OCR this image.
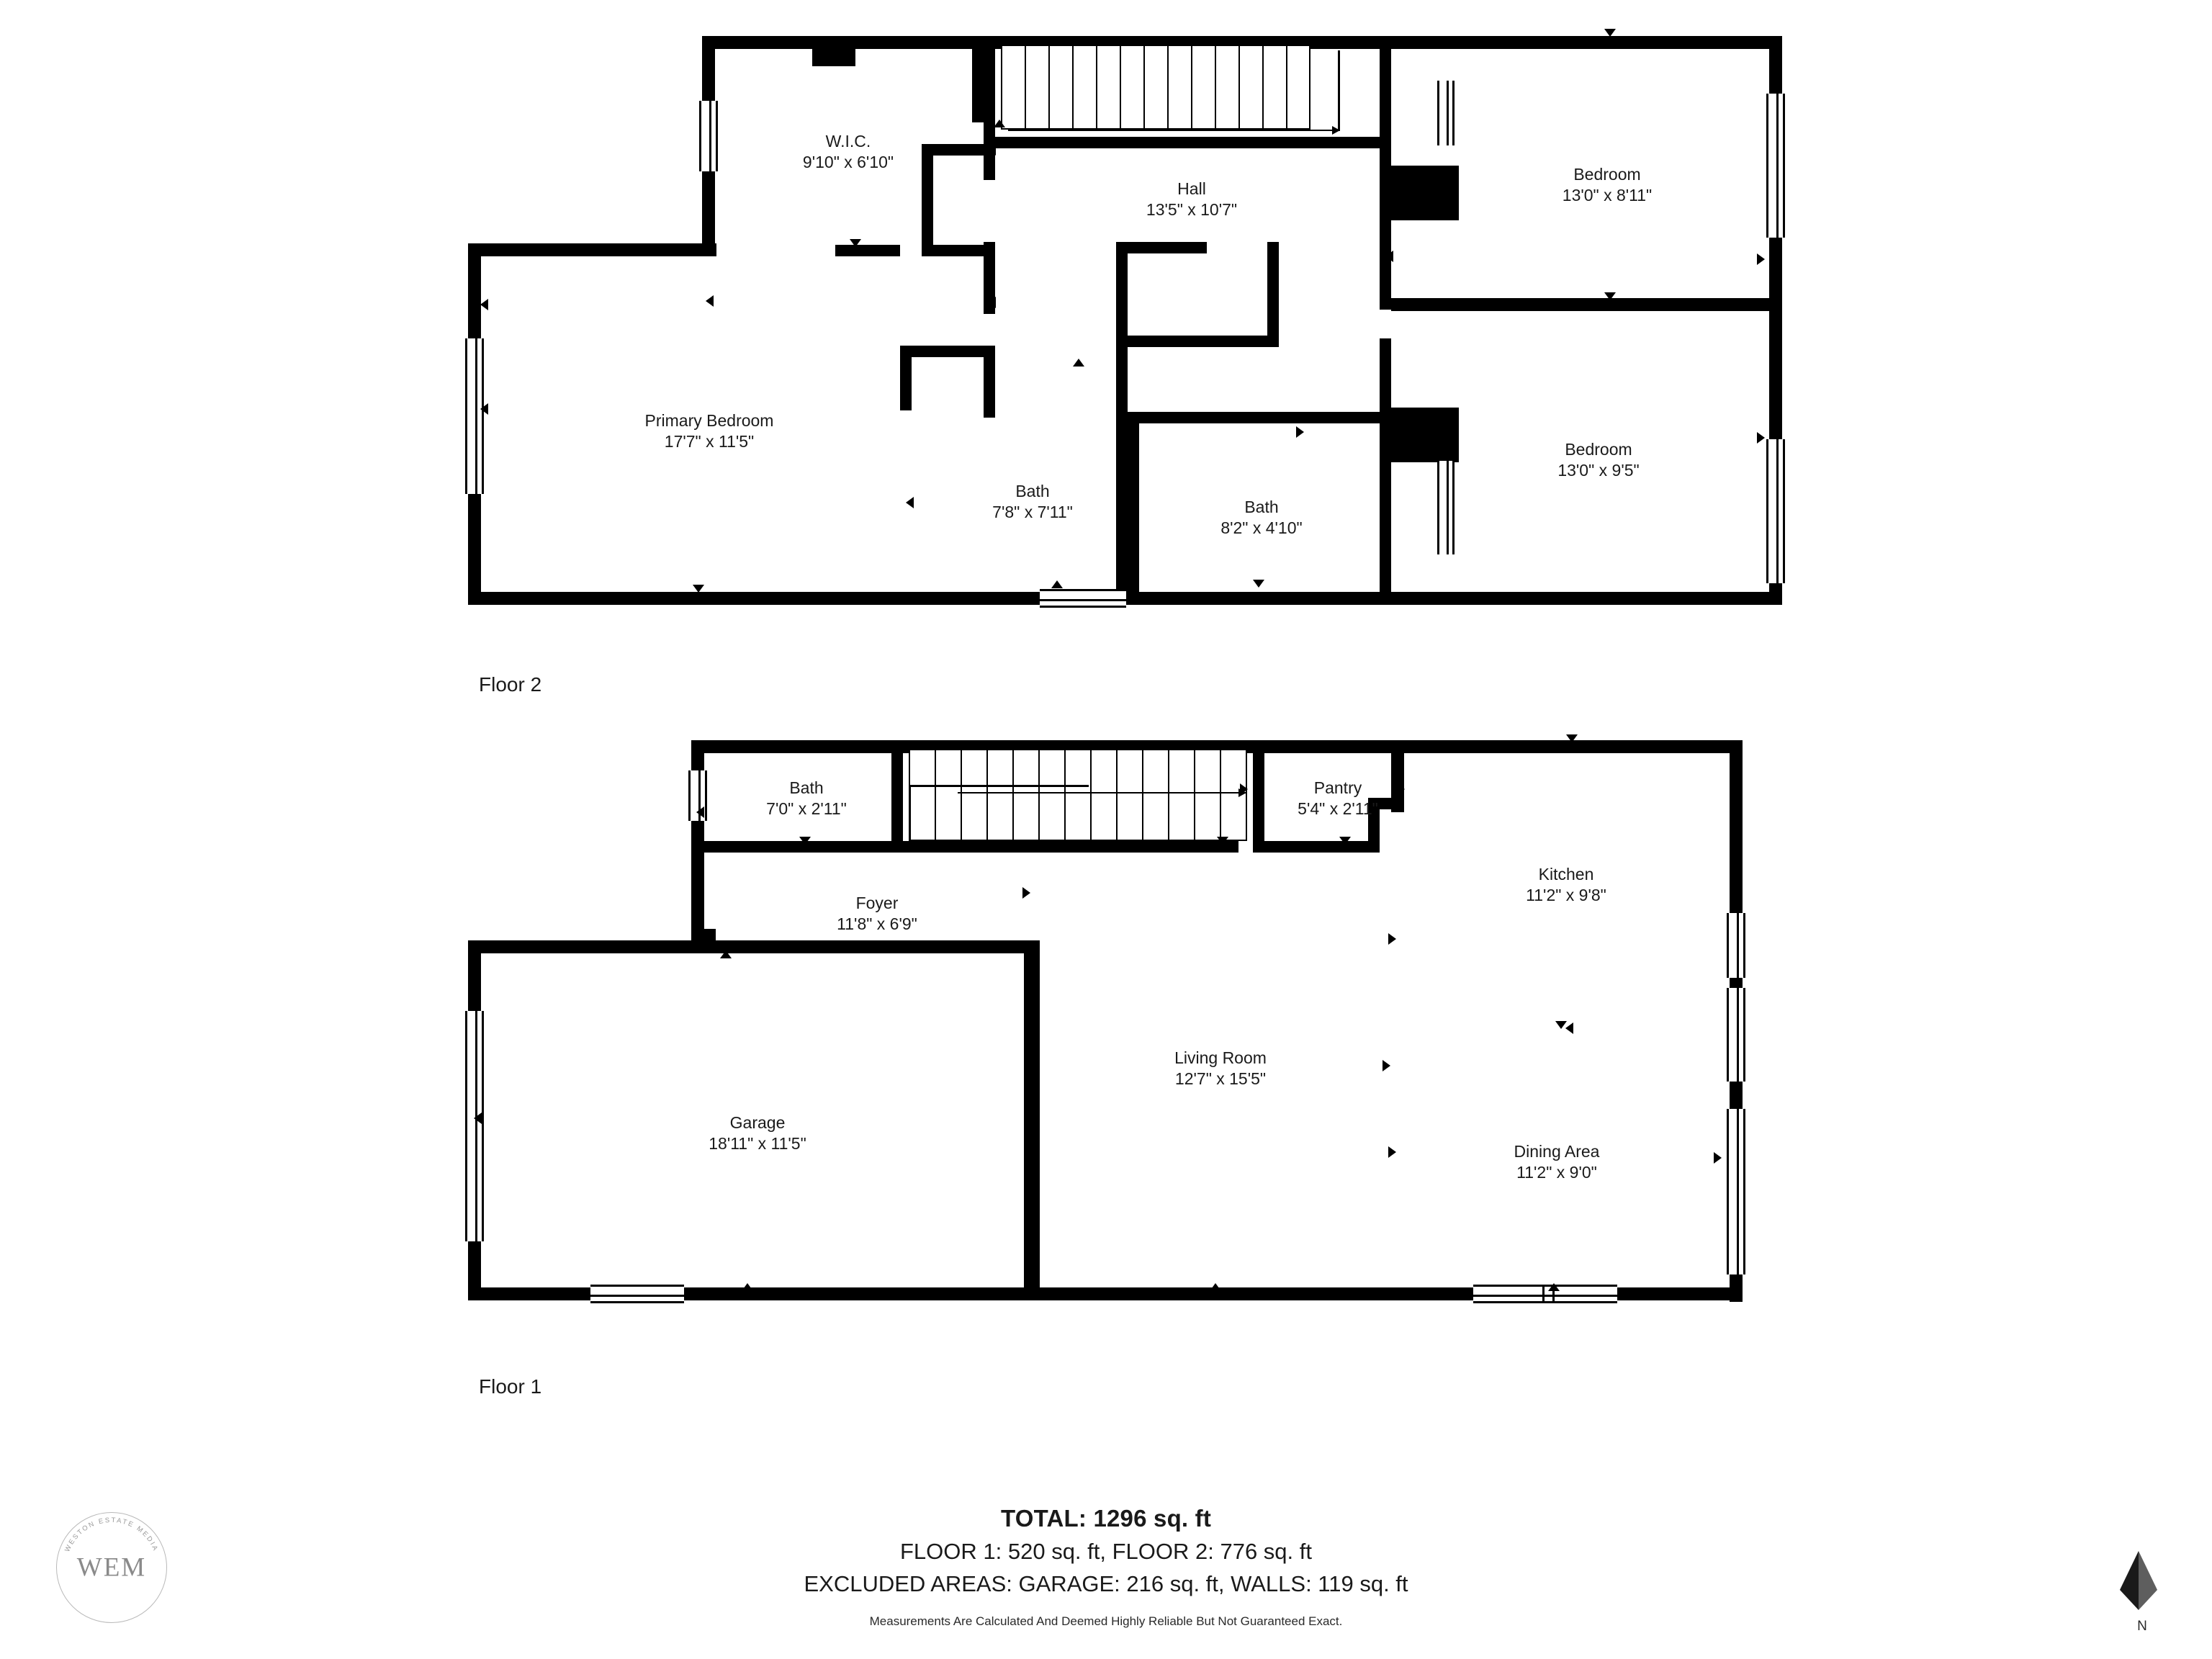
W.I.C.
9'10" x 6'10"
Hall
13'5" x 10'7"
Bedroom
13'0" x 8'11"
Primary Bedroom
17'7" x 11'5"	Bedroom
13'0" x 9'5"
Bath
7'8" x 7'11"	Bath
8'2" x 4'10"
Floor 2
Bath
7'0" x 2'11"
Pantry
5'4" x 2'11"
Kitchen
11'2" x 9'8"
Foyer
11'8" x 6'9"
Living Room
12'7" x 15'5"
Dining Area
11'2" x 9'0"
Garage
18'11" x 11'5"
Floor 1
TOTAL: 1296 sq. ft
FLOOR 1: 520 sq. ft, FLOOR 2: 776 sq. ft
EXCLUDED AREAS: GARAGE: 216 sq. ft, WALLS: 119 sq. ft
Measurements Are Calculated And Deemed Highly Reliable But Not Guaranteed Exact.
WESTON ESTATE MEDIA
WEM
N
